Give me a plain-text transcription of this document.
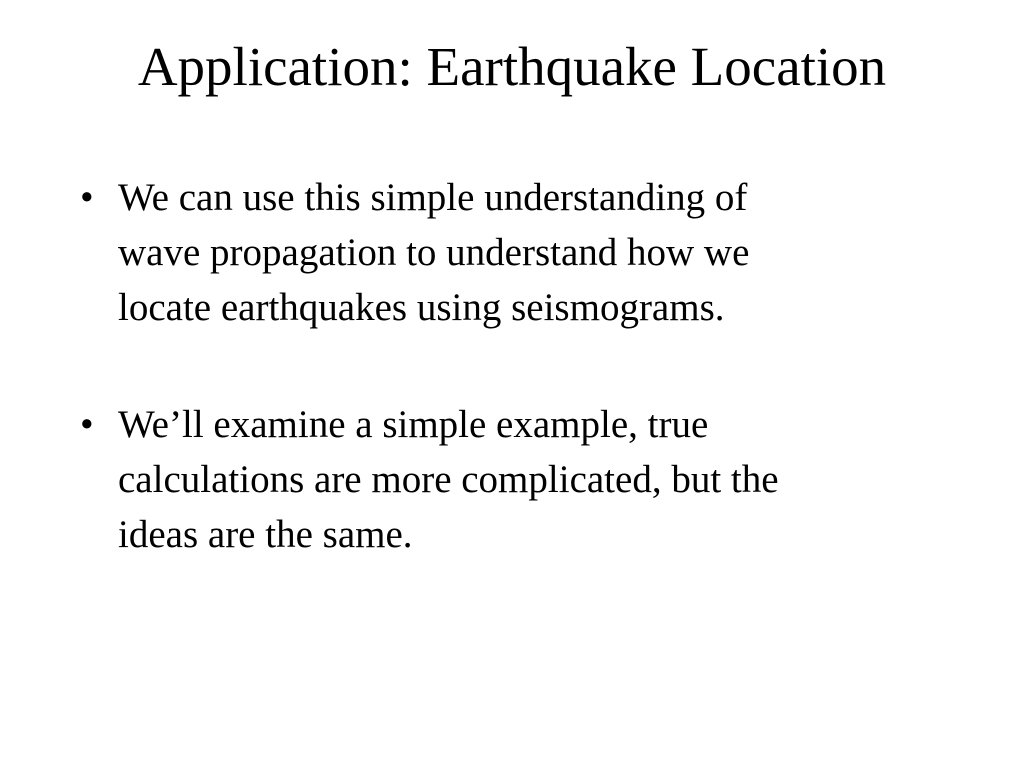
Application: Earthquake Location
• We can use this simple understanding of
wave propagation to understand how we
locate earthquakes using seismograms.
• We’ll examine a simple example, true
calculations are more complicated, but the
ideas are the same.
